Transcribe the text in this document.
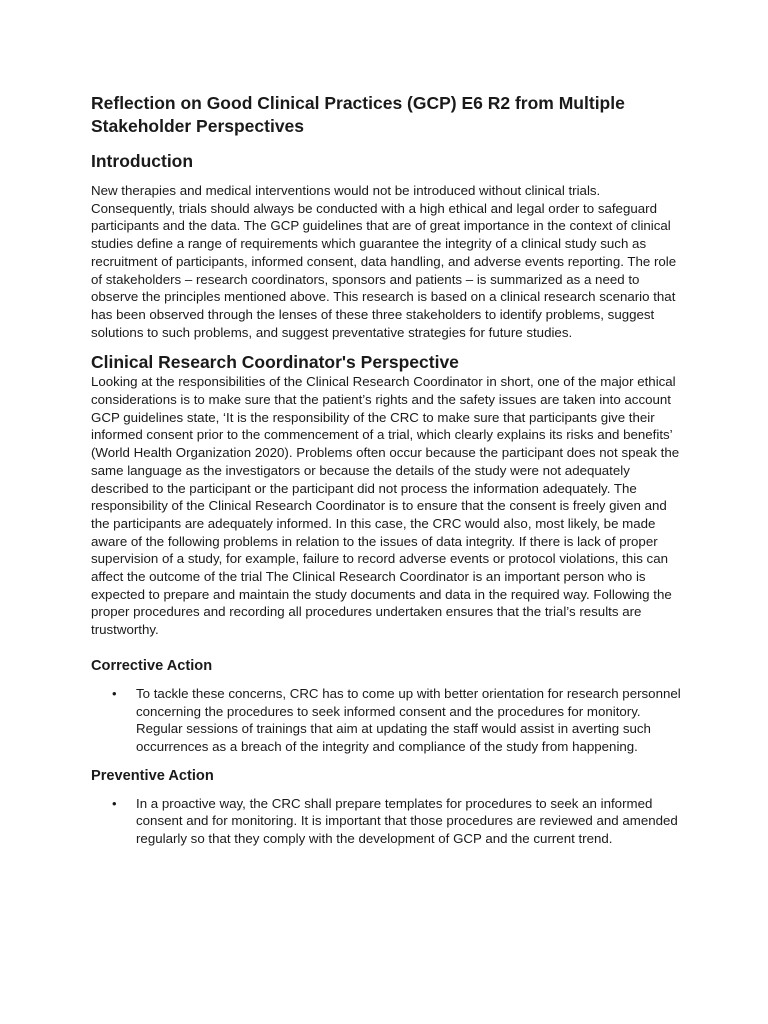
Reflection on Good Clinical Practices (GCP) E6 R2 from Multiple Stakeholder Perspectives
Introduction

New therapies and medical interventions would not be introduced without clinical trials. Consequently, trials should always be conducted with a high ethical and legal order to safeguard participants and the data. The GCP guidelines that are of great importance in the context of clinical studies define a range of requirements which guarantee the integrity of a clinical study such as recruitment of participants, informed consent, data handling, and adverse events reporting. The role of stakeholders – research coordinators, sponsors and patients – is summarized as a need to observe the principles mentioned above. This research is based on a clinical research scenario that has been observed through the lenses of these three stakeholders to identify problems, suggest solutions to such problems, and suggest preventative strategies for future studies.

Clinical Research Coordinator's Perspective

Looking at the responsibilities of the Clinical Research Coordinator in short, one of the major ethical considerations is to make sure that the patient’s rights and the safety issues are taken into account GCP guidelines state, ‘It is the responsibility of the CRC to make sure that participants give their informed consent prior to the commencement of a trial, which clearly explains its risks and benefits’ (World Health Organization 2020). Problems often occur because the participant does not speak the same language as the investigators or because the details of the study were not adequately described to the participant or the participant did not process the information adequately. The responsibility of the Clinical Research Coordinator is to ensure that the consent is freely given and the participants are adequately informed. In this case, the CRC would also, most likely, be made aware of the following problems in relation to the issues of data integrity. If there is lack of proper supervision of a study, for example, failure to record adverse events or protocol violations, this can affect the outcome of the trial The Clinical Research Coordinator is an important person who is expected to prepare and maintain the study documents and data in the required way. Following the proper procedures and recording all procedures undertaken ensures that the trial’s results are trustworthy.

Corrective Action
• To tackle these concerns, CRC has to come up with better orientation for research personnel concerning the procedures to seek informed consent and the procedures for monitory. Regular sessions of trainings that aim at updating the staff would assist in averting such occurrences as a breach of the integrity and compliance of the study from happening.
Preventive Action
• In a proactive way, the CRC shall prepare templates for procedures to seek an informed consent and for monitoring. It is important that those procedures are reviewed and amended regularly so that they comply with the development of GCP and the current trend.
